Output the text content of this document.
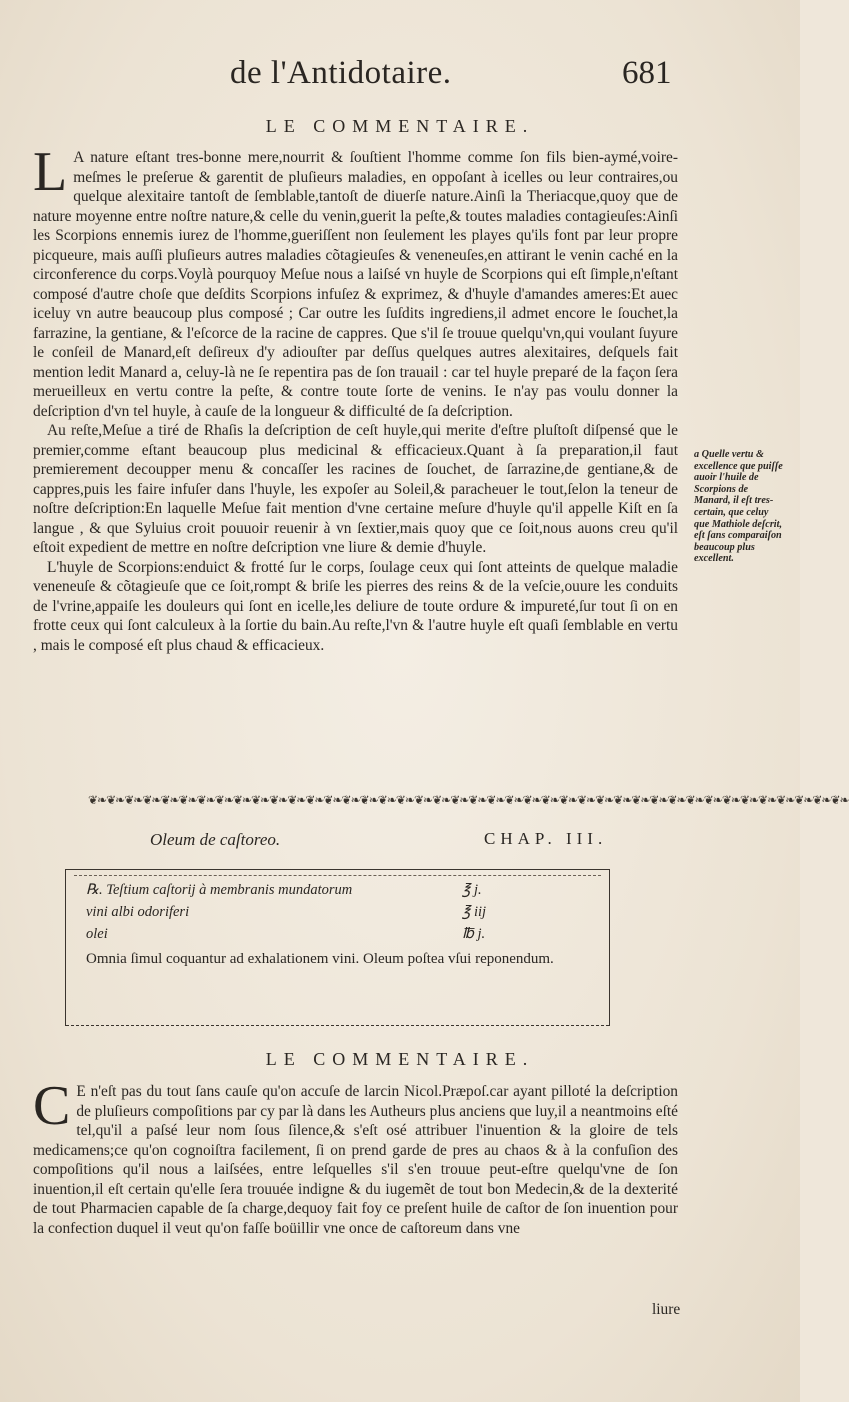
de l'Antidotaire.	681
LE COMMENTAIRE.

L A nature eſtant tres-bonne mere,nourrit & ſouſtient l'homme comme ſon fils bien-aymé,voire-meſmes le preſerue & garentit de pluſieurs maladies, en oppoſant à icelles ou leur contraires,ou quelque alexitaire tantoſt de ſemblable,tantoſt de diuerſe nature.Ainſi la Theriacque,quoy que de nature moyenne entre noſtre nature,& celle du venin,guerit la peſte,& toutes maladies contagieuſes:Ainſi les Scorpions ennemis iurez de l'homme,gueriſſent non ſeulement les playes qu'ils font par leur propre picqueure, mais auſſi pluſieurs autres maladies cõtagieuſes & veneneuſes,en attirant le venin caché en la circonference du corps.Voylà pourquoy Meſue nous a laiſsé vn huyle de Scorpions qui eſt ſimple,n'eſtant composé d'autre choſe que deſdits Scorpions infuſez & exprimez, & d'huyle d'amandes ameres:Et auec iceluy vn autre beaucoup plus composé ; Car outre les ſuſdits ingrediens,il admet encore le ſouchet,la farrazine, la gentiane, & l'eſcorce de la racine de cappres. Que s'il ſe trouue quelqu'vn,qui voulant ſuyure le conſeil de Manard,eſt deſireux d'y adiouſter par deſſus quelques autres alexitaires, deſquels fait mention ledit Manard a, celuy-là ne ſe repentira pas de ſon trauail : car tel huyle preparé de la façon ſera merueilleux en vertu contre la peſte, & contre toute ſorte de venins. Ie n'ay pas voulu donner la deſcription d'vn tel huyle, à cauſe de la longueur & difficulté de ſa deſcription.

Au reſte,Meſue a tiré de Rhaſis la deſcription de ceſt huyle,qui merite d'eſtre pluſtoſt diſpensé que le premier,comme eſtant beaucoup plus medicinal & efficacieux.Quant à ſa preparation,il faut premierement decoupper menu & concaſſer les racines de ſouchet, de ſarrazine,de gentiane,& de cappres,puis les faire infuſer dans l'huyle, les expoſer au Soleil,& paracheuer le tout,ſelon la teneur de noſtre deſcription:En laquelle Meſue fait mention d'vne certaine meſure d'huyle qu'il appelle Kiſt en ſa langue , & que Syluius croit pouuoir reuenir à vn ſextier,mais quoy que ce ſoit,nous auons creu qu'il eſtoit expedient de mettre en noſtre deſcription vne liure & demie d'huyle.

L'huyle de Scorpions:enduict & frotté ſur le corps, ſoulage ceux qui ſont atteints de quelque maladie veneneuſe & cõtagieuſe que ce ſoit,rompt & briſe les pierres des reins & de la veſcie,ouure les conduits de l'vrine,appaiſe les douleurs qui ſont en icelle,les deliure de toute ordure & impureté,ſur tout ſi on en frotte ceux qui ſont calculeux à la ſortie du bain.Au reſte,l'vn & l'autre huyle eſt quaſi ſemblable en vertu , mais le composé eſt plus chaud & efficacieux.

a Quelle vertu & excellence que puiſſe auoir l'huile de Scorpions de Manard, il eſt tres-certain, que celuy que Mathiole deſcrit, eſt ſans comparaiſon beaucoup plus excellent.
❦❧❦❧❦❧❦❧❦❧❦❧❦❧❦❧❦❧❦❧❦❧❦❧❦❧❦❧❦❧❦❧❦❧❦❧❦❧❦❧❦❧❦❧❦❧❦❧❦❧❦❧❦❧❦❧❦❧❦❧❦❧❦❧❦❧❦❧❦❧❦❧❦❧❦❧❦❧❦❧❦❧❦❧
Oleum de caſtoreo.	CHAP. III.
℞. Teſtium caſtorij à membranis mundatorum	℥ j.
vini albi odoriferi	℥ iij
olei	℔ j.
Omnia ſimul coquantur ad exhalationem vini. Oleum poſtea vſui reponendum.
LE COMMENTAIRE.

C E n'eſt pas du tout ſans cauſe qu'on accuſe de larcin Nicol.Præpoſ.car ayant pilloté la deſcription de pluſieurs compoſitions par cy par là dans les Autheurs plus anciens que luy,il a neantmoins eſté tel,qu'il a paſsé leur nom ſous ſilence,& s'eſt osé attribuer l'inuention & la gloire de tels medicamens;ce qu'on cognoiſtra facilement, ſi on prend garde de pres au chaos & à la confuſion des compoſitions qu'il nous a laiſsées, entre leſquelles s'il s'en trouue peut-eſtre quelqu'vne de ſon inuention,il eſt certain qu'elle ſera trouuée indigne & du iugemẽt de tout bon Medecin,& de la dexterité de tout Pharmacien capable de ſa charge,dequoy fait foy ce preſent huile de caſtor de ſon inuention pour la confection duquel il veut qu'on faſſe boüillir vne once de caſtoreum dans vne

liure
